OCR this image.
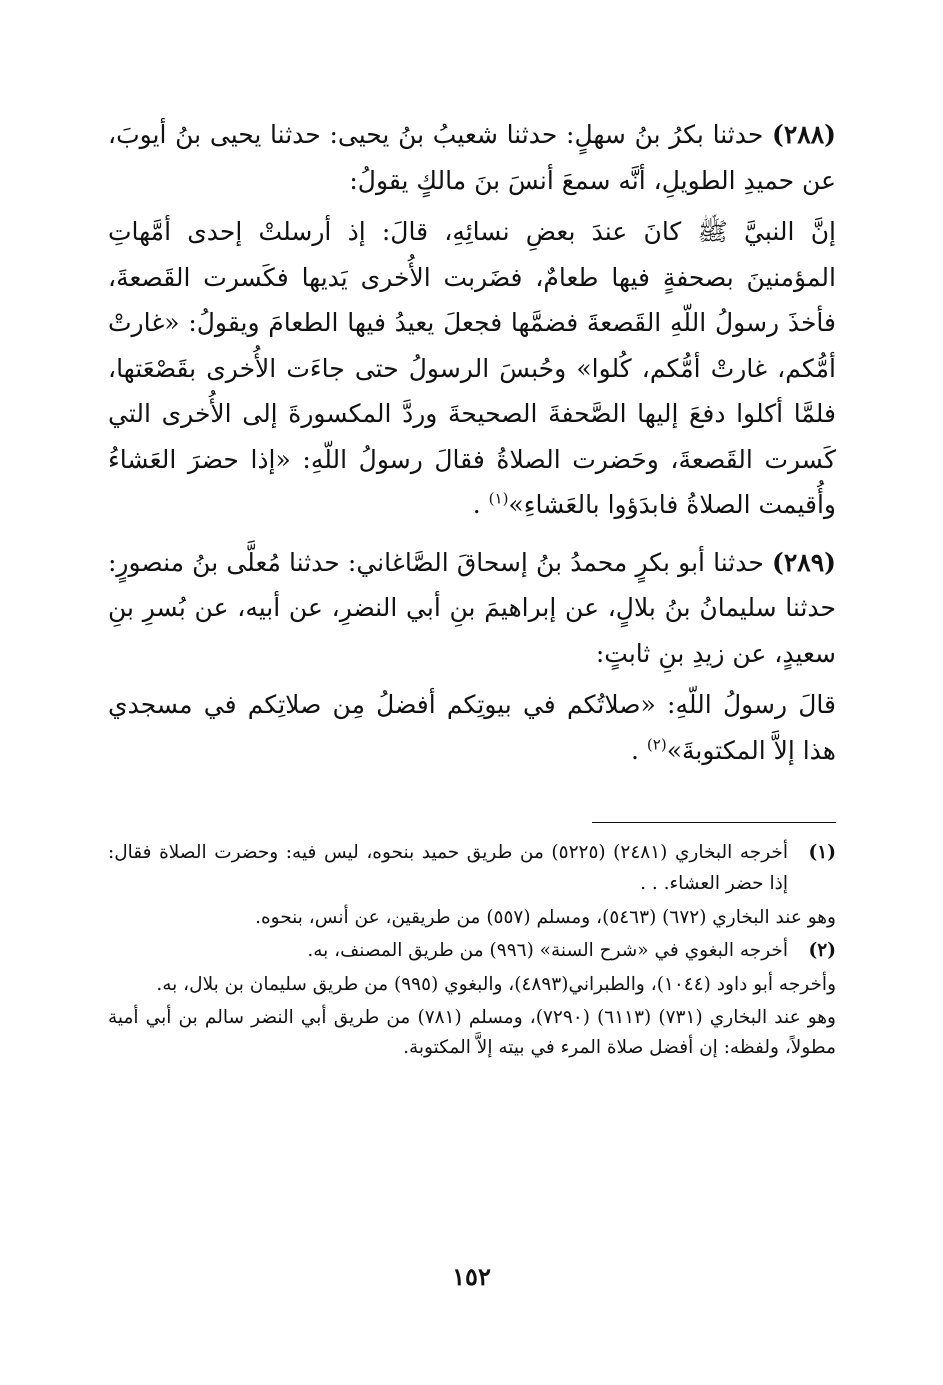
(٢٨٨) حدثنا بكرُ بنُ سهلٍ: حدثنا شعيبُ بنُ يحيى: حدثنا يحيى بنُ أيوبَ، عن حميدِ الطويلِ، أنَّه سمعَ أنسَ بنَ مالكٍ يقولُ:

إنَّ النبيَّ ﷺ كانَ عندَ بعضِ نسائِهِ، قالَ: إذ أرسلتْ إحدى أمَّهاتِ المؤمنينَ بصحفةٍ فيها طعامٌ، فضَربت الأُخرى يَديها فكَسرت القَصعةَ، فأخذَ رسولُ اللّهِ القَصعةَ فضمَّها فجعلَ يعيدُ فيها الطعامَ ويقولُ: «غارتْ أمُّكم، غارتْ أمُّكم، كُلوا» وحُبسَ الرسولُ حتى جاءَت الأُخرى بقَصْعَتها، فلمَّا أكلوا دفعَ إليها الصَّحفةَ الصحيحةَ وردَّ المكسورةَ إلى الأُخرى التي كَسرت القَصعةَ، وحَضرت الصلاةُ فقالَ رسولُ اللّهِ: «إذا حضرَ العَشاءُ وأُقيمت الصلاةُ فابدَؤوا بالعَشاءِ»$^{(١)}$ .

(٢٨٩) حدثنا أبو بكرٍ محمدُ بنُ إسحاقَ الصَّاغاني: حدثنا مُعلَّى بنُ منصورٍ: حدثنا سليمانُ بنُ بلالٍ، عن إبراهيمَ بنِ أبي النضرِ، عن أبيه، عن بُسرِ بنِ سعيدٍ، عن زيدِ بنِ ثابتٍ:

قالَ رسولُ اللّهِ: «صلاتُكم في بيوتِكم أفضلُ مِن صلاتِكم في مسجدي هذا إلاَّ المكتوبةَ»$^{(٢)}$ .

(١)

أخرجه البخاري (٢٤٨١) (٥٢٢٥) من طريق حميد بنحوه، ليس فيه: وحضرت الصلاة فقال: إذا حضر العشاء. . .

وهو عند البخاري (٦٧٢) (٥٤٦٣)، ومسلم (٥٥٧) من طريقين، عن أنس، بنحوه.

(٢)

أخرجه البغوي في «شرح السنة» (٩٩٦) من طريق المصنف، به.

وأخرجه أبو داود (١٠٤٤)، والطبراني(٤٨٩٣)، والبغوي (٩٩٥) من طريق سليمان بن بلال، به.

وهو عند البخاري (٧٣١) (٦١١٣) (٧٢٩٠)، ومسلم (٧٨١) من طريق أبي النضر سالم بن أبي أمية مطولاً، ولفظه: إن أفضل صلاة المرء في بيته إلاَّ المكتوبة.

١٥٢
